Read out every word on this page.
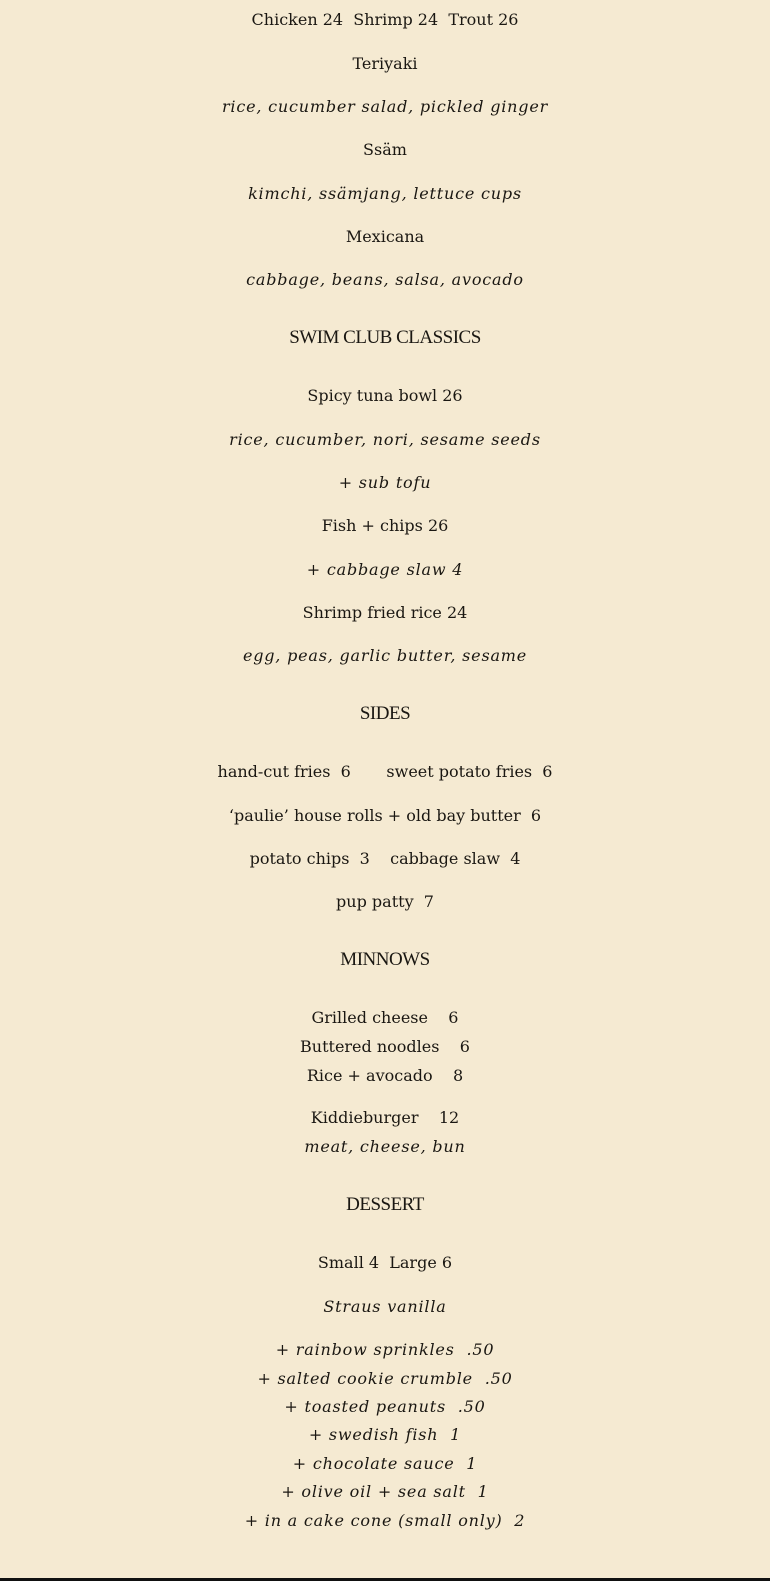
Chicken 24  Shrimp 24  Trout 26
Teriyaki
rice, cucumber salad, pickled ginger
Ssäm
kimchi, ssämjang, lettuce cups
Mexicana
cabbage, beans, salsa, avocado
SWIM CLUB CLASSICS
Spicy tuna bowl 26
rice, cucumber, nori, sesame seeds
+ sub tofu
Fish + chips 26
+ cabbage slaw 4
Shrimp fried rice 24
egg, peas, garlic butter, sesame
SIDES
hand-cut fries  6       sweet potato fries  6
‘paulie’ house rolls + old bay butter  6
potato chips  3    cabbage slaw  4
pup patty  7
MINNOWS
Grilled cheese    6
Buttered noodles    6
Rice + avocado    8
Kiddieburger    12
meat, cheese, bun
DESSERT
Small 4  Large 6
Straus vanilla
+ rainbow sprinkles  .50
+ salted cookie crumble  .50
+ toasted peanuts  .50
+ swedish fish  1
+ chocolate sauce  1
+ olive oil + sea salt  1
+ in a cake cone (small only)  2
